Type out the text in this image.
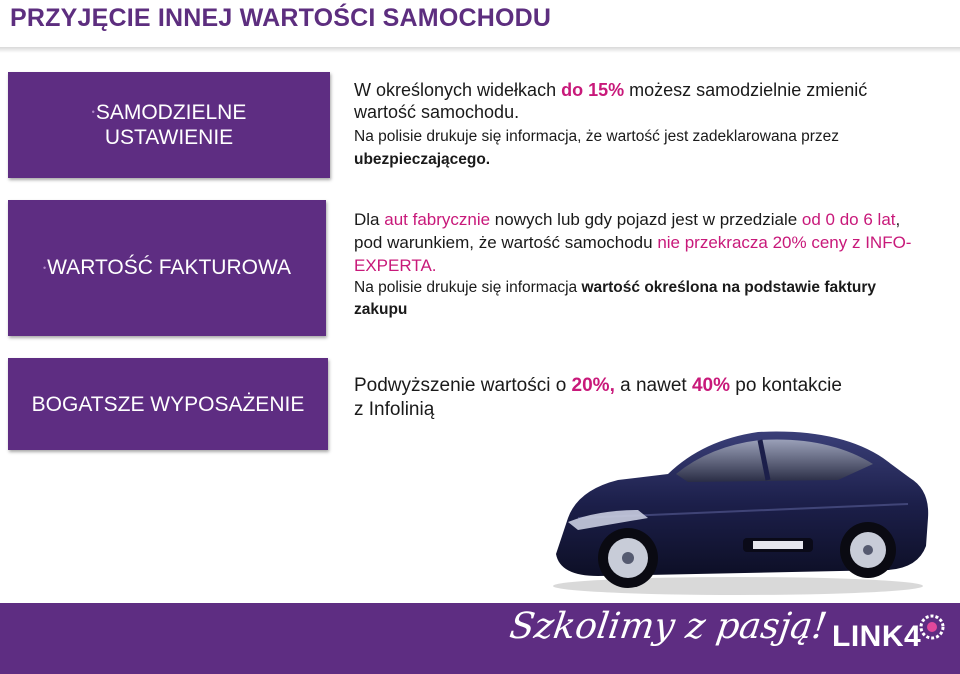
PRZYJĘCIE INNEJ WARTOŚCI SAMOCHODU
•SAMODZIELNE
USTAWIENIE
W określonych widełkach do 15% możesz samodzielnie zmienić wartość samochodu.
Na polisie drukuje się informacja, że wartość jest zadeklarowana przez ubezpieczającego.
•WARTOŚĆ FAKTUROWA
Dla aut fabrycznie nowych lub gdy pojazd jest w przedziale od 0 do 6 lat, pod warunkiem, że wartość samochodu nie przekracza 20% ceny z INFO-EXPERTA.
Na polisie drukuje się informacja wartość określona na podstawie faktury zakupu
BOGATSZE WYPOSAŻENIE
Podwyższenie wartości o 20%, a nawet 40% po kontakcie z Infolinią
Szkolimy z pasją! LINK4
